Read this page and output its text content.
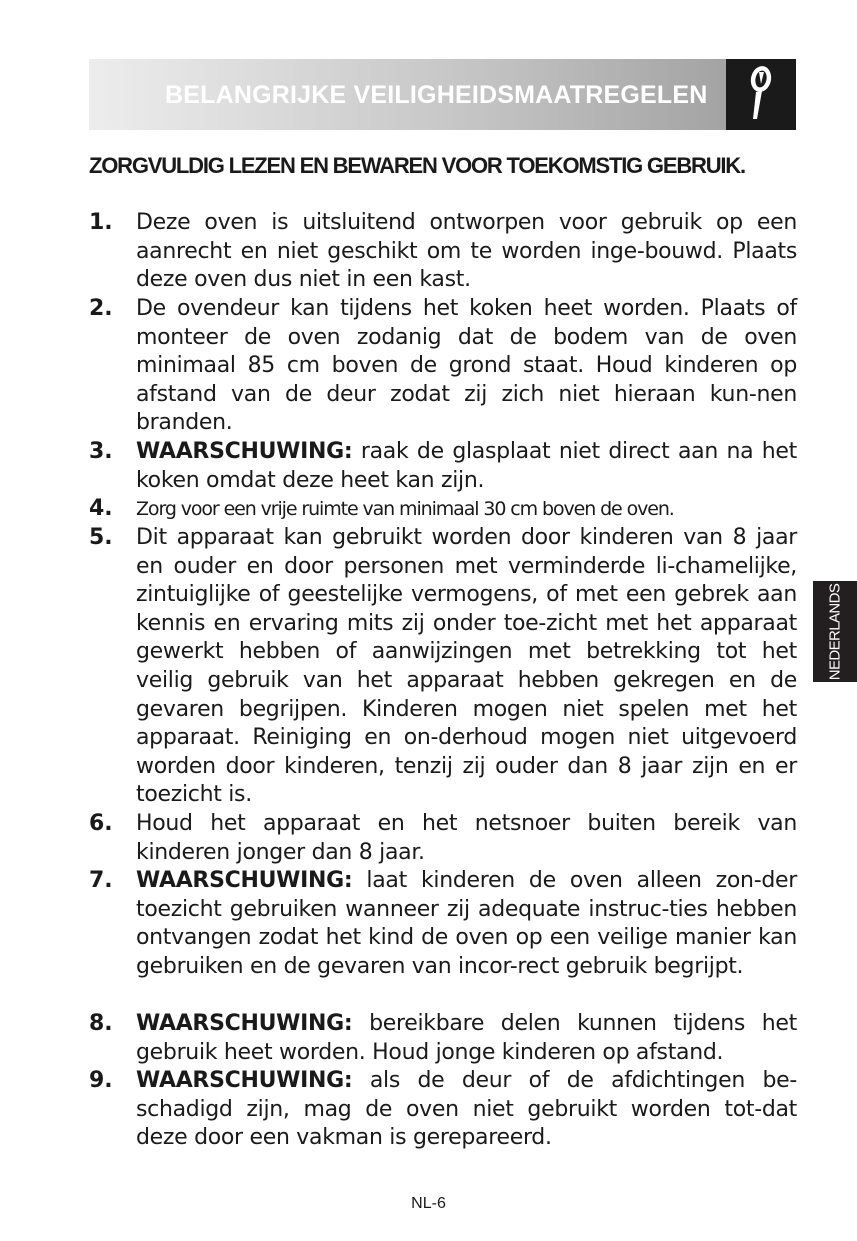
BELANGRIJKE VEILIGHEIDSMAATREGELEN
ZORGVULDIG LEZEN EN BEWAREN VOOR TOEKOMSTIG GEBRUIK.
1. Deze oven is uitsluitend ontworpen voor gebruik op een aanrecht en niet geschikt om te worden inge-bouwd. Plaats deze oven dus niet in een kast.
2. De ovendeur kan tijdens het koken heet worden. Plaats of monteer de oven zodanig dat de bodem van de oven minimaal 85 cm boven de grond staat. Houd kinderen op afstand van de deur zodat zij zich niet hieraan kun-nen branden.
3. WAARSCHUWING: raak de glasplaat niet direct aan na het koken omdat deze heet kan zijn.
4. Zorg voor een vrije ruimte van minimaal 30 cm boven de oven.
5. Dit apparaat kan gebruikt worden door kinderen van 8 jaar en ouder en door personen met verminderde li-chamelijke, zintuiglijke of geestelijke vermogens, of met een gebrek aan kennis en ervaring mits zij onder toe-zicht met het apparaat gewerkt hebben of aanwijzingen met betrekking tot het veilig gebruik van het apparaat hebben gekregen en de gevaren begrijpen. Kinderen mogen niet spelen met het apparaat. Reiniging en on-derhoud mogen niet uitgevoerd worden door kinderen, tenzij zij ouder dan 8 jaar zijn en er toezicht is.
6. Houd het apparaat en het netsnoer buiten bereik van kinderen jonger dan 8 jaar.
7. WAARSCHUWING: laat kinderen de oven alleen zon-der toezicht gebruiken wanneer zij adequate instruc-ties hebben ontvangen zodat het kind de oven op een veilige manier kan gebruiken en de gevaren van incor-rect gebruik begrijpt.
8. WAARSCHUWING: bereikbare delen kunnen tijdens het gebruik heet worden. Houd jonge kinderen op afstand.
9. WAARSCHUWING: als de deur of de afdichtingen be-schadigd zijn, mag de oven niet gebruikt worden tot-dat deze door een vakman is gerepareerd.
NEDERLANDS
NL-6
